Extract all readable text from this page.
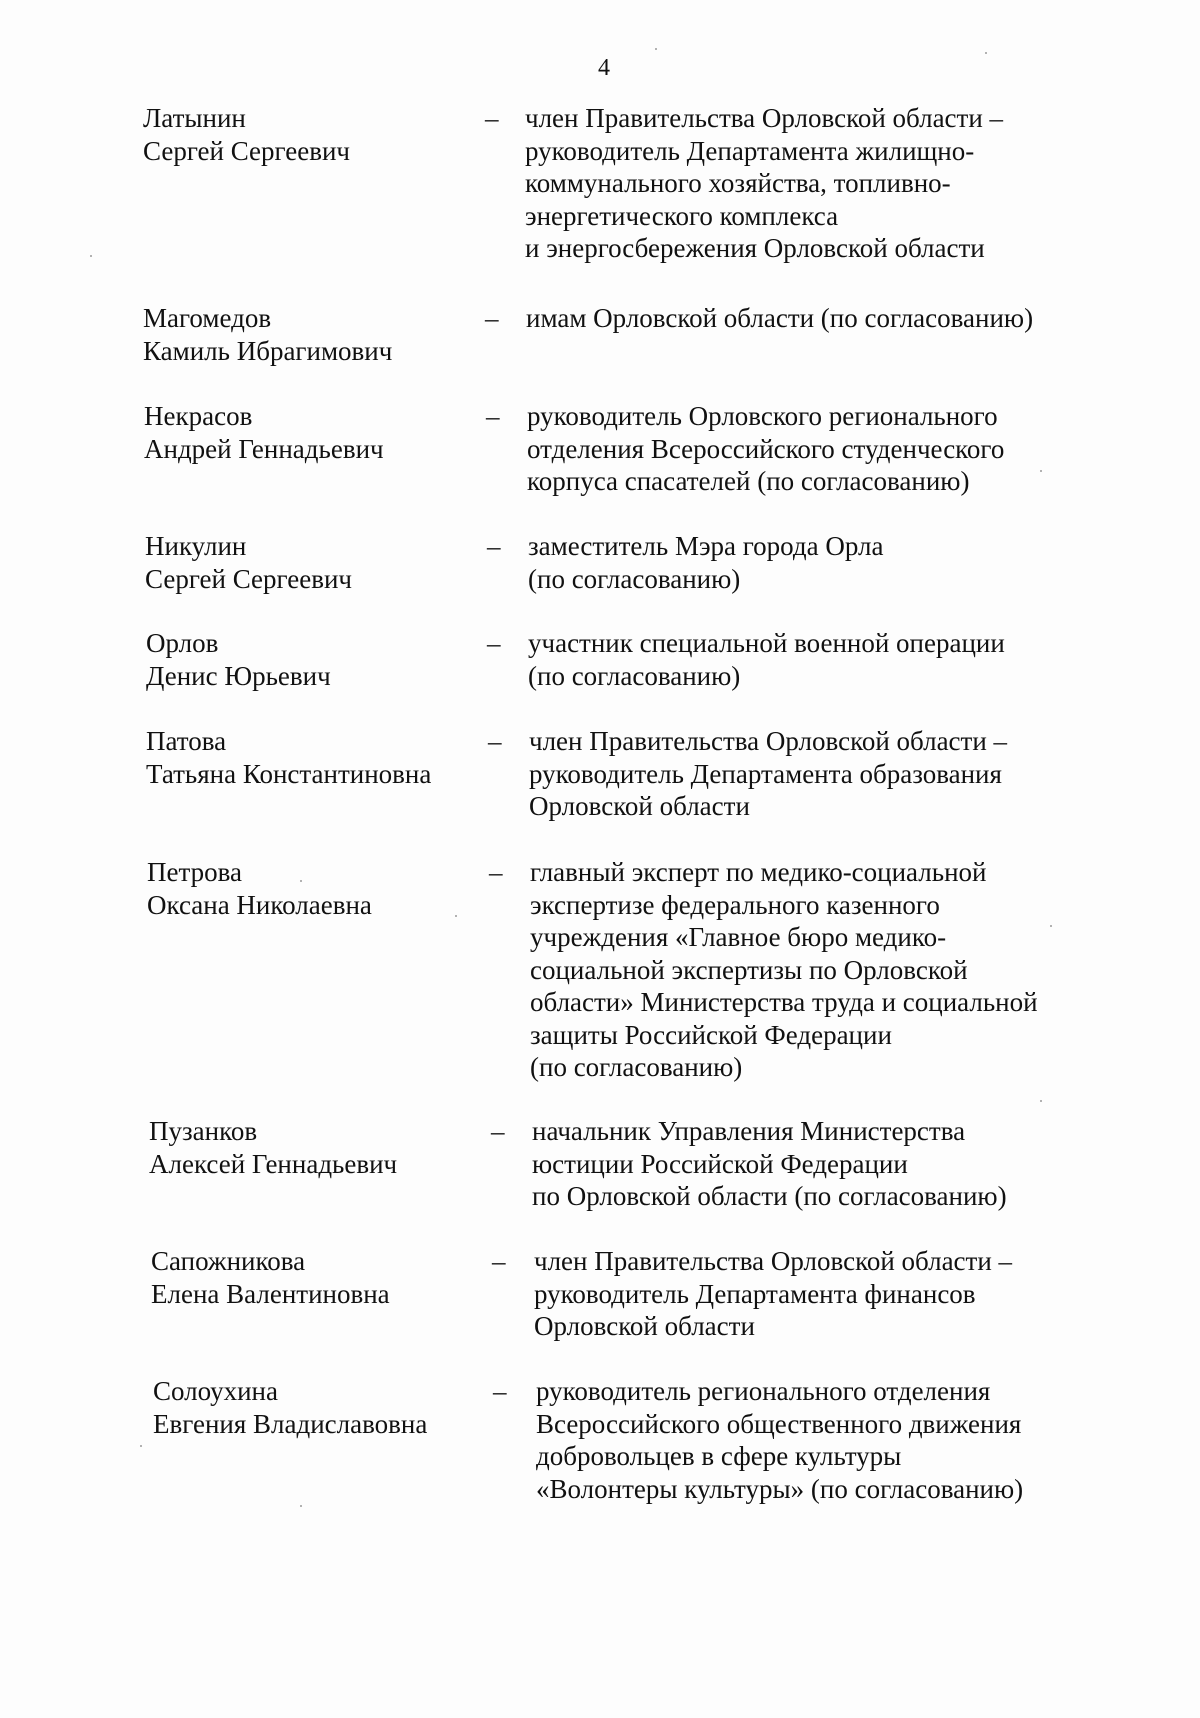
4
Латынин
Сергей Сергеевич
– член Правительства Орловской области –
руководитель Департамента жилищно-
коммунального хозяйства, топливно-
энергетического комплекса
и энергосбережения Орловской области
Магомедов
Камиль Ибрагимович
– имам Орловской области (по согласованию)
Некрасов
Андрей Геннадьевич
– руководитель Орловского регионального
отделения Всероссийского студенческого
корпуса спасателей (по согласованию)
Никулин
Сергей Сергеевич
– заместитель Мэра города Орла
(по согласованию)
Орлов
Денис Юрьевич
– участник специальной военной операции
(по согласованию)
Патова
Татьяна Константиновна
– член Правительства Орловской области –
руководитель Департамента образования
Орловской области
Петрова
Оксана Николаевна
– главный эксперт по медико-социальной
экспертизе федерального казенного
учреждения «Главное бюро медико-
социальной экспертизы по Орловской
области» Министерства труда и социальной
защиты Российской Федерации
(по согласованию)
Пузанков
Алексей Геннадьевич
– начальник Управления Министерства
юстиции Российской Федерации
по Орловской области (по согласованию)
Сапожникова
Елена Валентиновна
– член Правительства Орловской области –
руководитель Департамента финансов
Орловской области
Солоухина
Евгения Владиславовна
– руководитель регионального отделения
Всероссийского общественного движения
добровольцев в сфере культуры
«Волонтеры культуры» (по согласованию)
